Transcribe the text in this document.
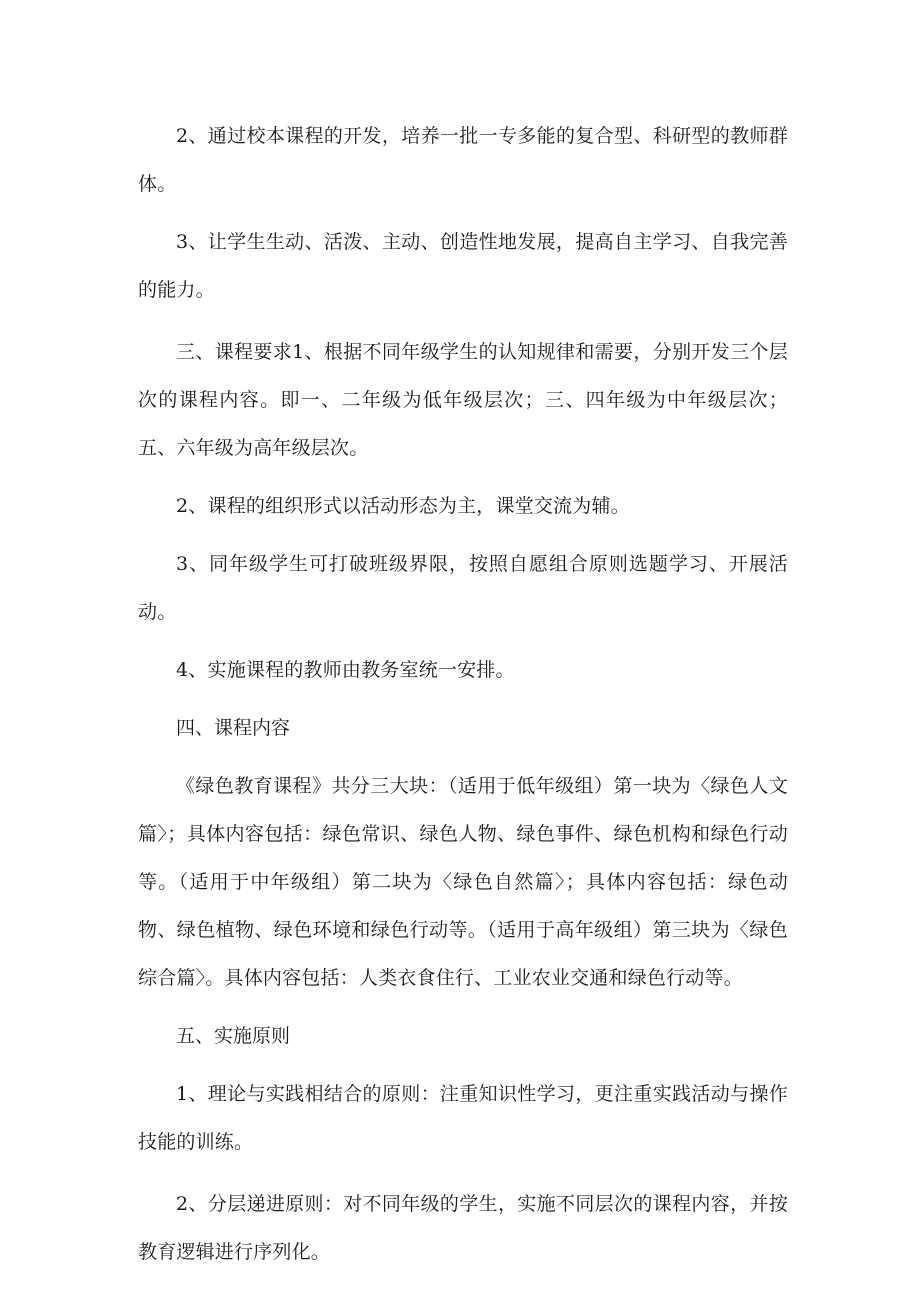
2、通过校本课程的开发，培养一批一专多能的复合型、科研型的教师群体。

3、让学生生动、活泼、主动、创造性地发展，提高自主学习、自我完善的能力。

三、课程要求1、根据不同年级学生的认知规律和需要，分别开发三个层次的课程内容。即一、二年级为低年级层次；三、四年级为中年级层次；五、六年级为高年级层次。

2、课程的组织形式以活动形态为主，课堂交流为辅。

3、同年级学生可打破班级界限，按照自愿组合原则选题学习、开展活动。

4、实施课程的教师由教务室统一安排。

四、课程内容

《绿色教育课程》共分三大块：（适用于低年级组）第一块为〈绿色人文篇〉；具体内容包括：绿色常识、绿色人物、绿色事件、绿色机构和绿色行动等。（适用于中年级组）第二块为〈绿色自然篇〉；具体内容包括：绿色动物、绿色植物、绿色环境和绿色行动等。（适用于高年级组）第三块为〈绿色综合篇〉。具体内容包括：人类衣食住行、工业农业交通和绿色行动等。

五、实施原则

1、理论与实践相结合的原则：注重知识性学习，更注重实践活动与操作技能的训练。

2、分层递进原则：对不同年级的学生，实施不同层次的课程内容，并按教育逻辑进行序列化。
